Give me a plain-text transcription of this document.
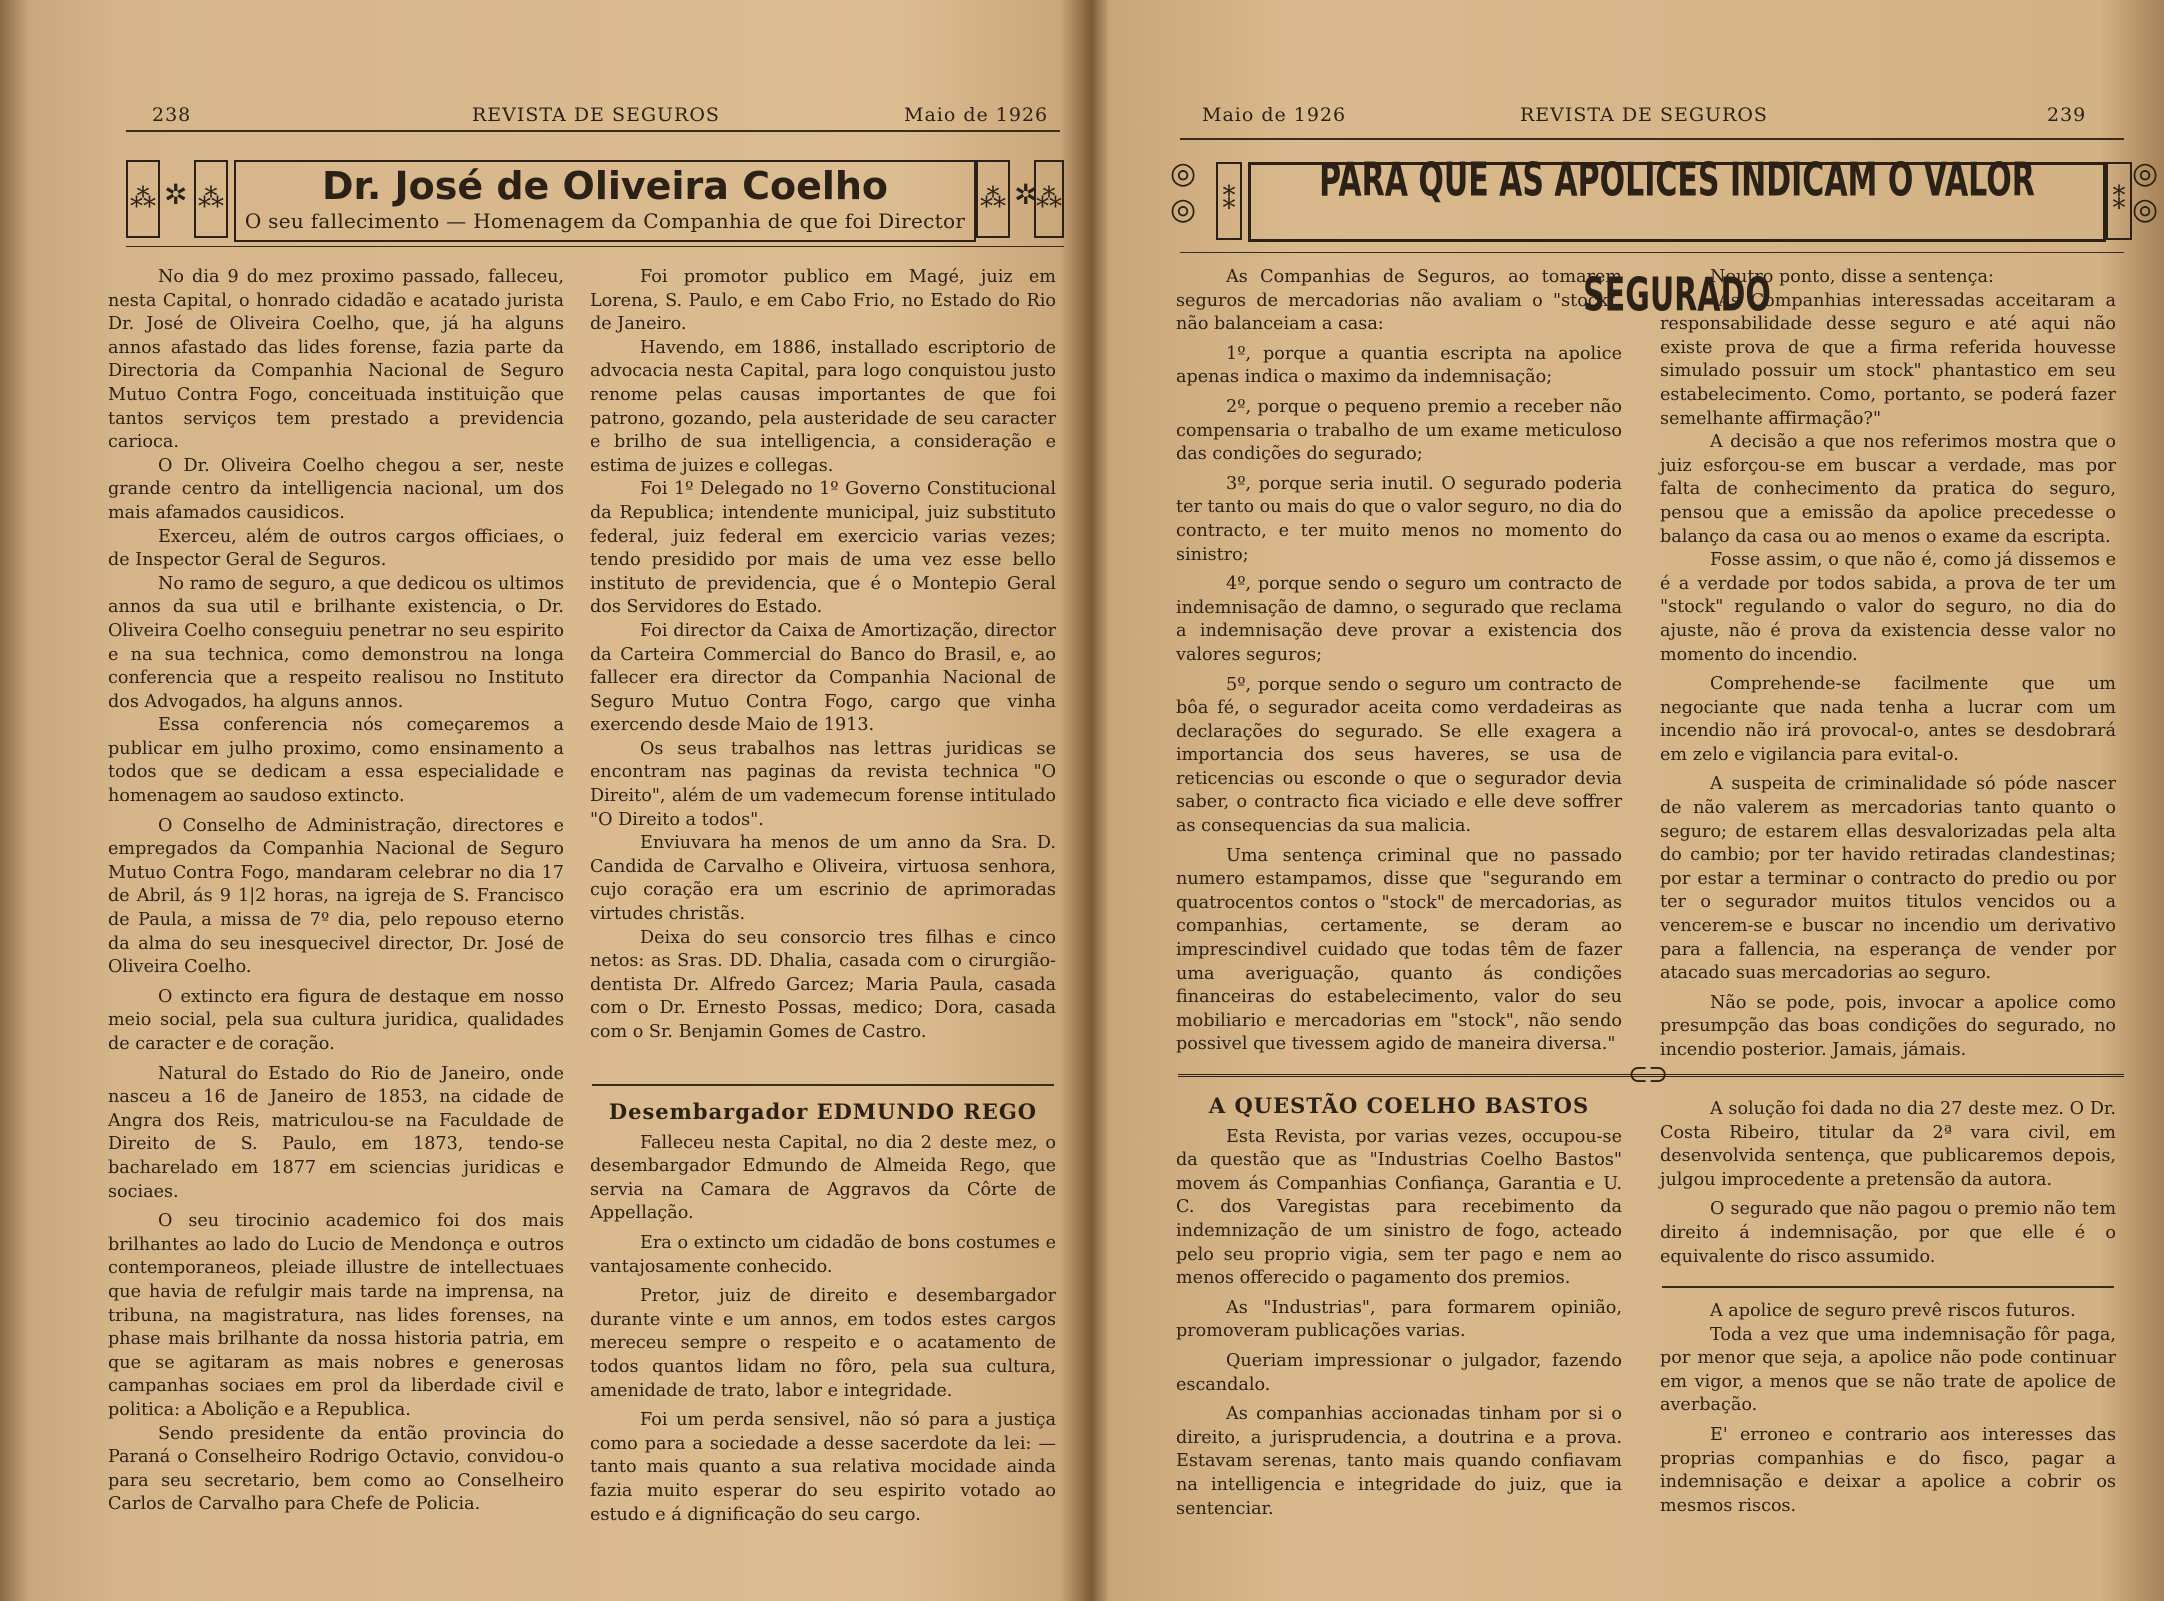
238	REVISTA DE SEGUROS	Maio de 1926
⁂ ✲ ⁂	Dr. José de Oliveira Coelho
O seu fallecimento — Homenagem da Companhia de que foi Director
⁂ ✲
⁂

No dia 9 do mez proximo passado, falleceu, nesta Capital, o honrado cidadão e acatado jurista Dr. José de Oliveira Coelho, que, já ha alguns annos afastado das lides forense, fazia parte da Directoria da Companhia Nacional de Seguro Mutuo Contra Fogo, conceituada instituição que tantos serviços tem prestado a previdencia carioca.

O Dr. Oliveira Coelho chegou a ser, neste grande centro da intelligencia nacional, um dos mais afamados causidicos.

Exerceu, além de outros cargos officiaes, o de Inspector Geral de Seguros.

No ramo de seguro, a que dedicou os ultimos annos da sua util e brilhante existencia, o Dr. Oliveira Coelho conseguiu penetrar no seu espirito e na sua technica, como demonstrou na longa conferencia que a respeito realisou no Instituto dos Advogados, ha alguns annos.

Essa conferencia nós começaremos a publicar em julho proximo, como ensinamento a todos que se dedicam a essa especialidade e homenagem ao saudoso extincto.

O Conselho de Administração, directores e empregados da Companhia Nacional de Seguro Mutuo Contra Fogo, mandaram celebrar no dia 17 de Abril, ás 9 1|2 horas, na igreja de S. Francisco de Paula, a missa de 7º dia, pelo repouso eterno da alma do seu inesquecivel director, Dr. José de Oliveira Coelho.

O extincto era figura de destaque em nosso meio social, pela sua cultura juridica, qualidades de caracter e de coração.

Natural do Estado do Rio de Janeiro, onde nasceu a 16 de Janeiro de 1853, na cidade de Angra dos Reis, matriculou-se na Faculdade de Direito de S. Paulo, em 1873, tendo-se bacharelado em 1877 em sciencias juridicas e sociaes.

O seu tirocinio academico foi dos mais brilhantes ao lado do Lucio de Mendonça e outros contemporaneos, pleiade illustre de intellectuaes que havia de refulgir mais tarde na imprensa, na tribuna, na magistratura, nas lides forenses, na phase mais brilhante da nossa historia patria, em que se agitaram as mais nobres e generosas campanhas sociaes em prol da liberdade civil e politica: a Abolição e a Republica.

Sendo presidente da então provincia do Paraná o Conselheiro Rodrigo Octavio, convidou-o para seu secretario, bem como ao Conselheiro Carlos de Carvalho para Chefe de Policia.

Foi promotor publico em Magé, juiz em Lorena, S. Paulo, e em Cabo Frio, no Estado do Rio de Janeiro.

Havendo, em 1886, installado escriptorio de advocacia nesta Capital, para logo conquistou justo renome pelas causas importantes de que foi patrono, gozando, pela austeridade de seu caracter e brilho de sua intelligencia, a consideração e estima de juizes e collegas.

Foi 1º Delegado no 1º Governo Constitucional da Republica; intendente municipal, juiz substituto federal, juiz federal em exercicio varias vezes; tendo presidido por mais de uma vez esse bello instituto de previdencia, que é o Montepio Geral dos Servidores do Estado.

Foi director da Caixa de Amortização, director da Carteira Commercial do Banco do Brasil, e, ao fallecer era director da Companhia Nacional de Seguro Mutuo Contra Fogo, cargo que vinha exercendo desde Maio de 1913.

Os seus trabalhos nas lettras juridicas se encontram nas paginas da revista technica "O Direito", além de um vademecum forense intitulado "O Direito a todos".

Enviuvara ha menos de um anno da Sra. D. Candida de Carvalho e Oliveira, virtuosa senhora, cujo coração era um escrinio de aprimoradas virtudes christãs.

Deixa do seu consorcio tres filhas e cinco netos: as Sras. DD. Dhalia, casada com o cirurgião-dentista Dr. Alfredo Garcez; Maria Paula, casada com o Dr. Ernesto Possas, medico; Dora, casada com o Sr. Benjamin Gomes de Castro.

Desembargador EDMUNDO REGO

Falleceu nesta Capital, no dia 2 deste mez, o desembargador Edmundo de Almeida Rego, que servia na Camara de Aggravos da Côrte de Appellação.

Era o extincto um cidadão de bons costumes e vantajosamente conhecido.

Pretor, juiz de direito e desembargador durante vinte e um annos, em todos estes cargos mereceu sempre o respeito e o acatamento de todos quantos lidam no fôro, pela sua cultura, amenidade de trato, labor e integridade.

Foi um perda sensivel, não só para a justiça como para a sociedade a desse sacerdote da lei: — tanto mais quanto a sua relativa mocidade ainda fazia muito esperar do seu espirito votado ao estudo e á dignificação do seu cargo.

Maio de 1926	REVISTA DE SEGUROS	239
◎
◎ ⁑	PARA QUE AS APOLICES INDICAM O VALOR SEGURADO
⁑
◎
◎

As Companhias de Seguros, ao tomarem seguros de mercadorias não avaliam o "stock", não balanceiam a casa:

1º, porque a quantia escripta na apolice apenas indica o maximo da indemnisação;

2º, porque o pequeno premio a receber não compensaria o trabalho de um exame meticuloso das condições do segurado;

3º, porque seria inutil. O segurado poderia ter tanto ou mais do que o valor seguro, no dia do contracto, e ter muito menos no momento do sinistro;

4º, porque sendo o seguro um contracto de indemnisação de damno, o segurado que reclama a indemnisação deve provar a existencia dos valores seguros;

5º, porque sendo o seguro um contracto de bôa fé, o segurador aceita como verdadeiras as declarações do segurado. Se elle exagera a importancia dos seus haveres, se usa de reticencias ou esconde o que o segurador devia saber, o contracto fica viciado e elle deve soffrer as consequencias da sua malicia.

Uma sentença criminal que no passado numero estampamos, disse que "segurando em quatrocentos contos o "stock" de mercadorias, as companhias, certamente, se deram ao imprescindivel cuidado que todas têm de fazer uma averiguação, quanto ás condições financeiras do estabelecimento, valor do seu mobiliario e mercadorias em "stock", não sendo possivel que tivessem agido de maneira diversa."

Noutro ponto, disse a sentença:

"As Companhias interessadas acceitaram a responsabilidade desse seguro e até aqui não existe prova de que a firma referida houvesse simulado possuir um stock" phantastico em seu estabelecimento. Como, portanto, se poderá fazer semelhante affirmação?"

A decisão a que nos referimos mostra que o juiz esforçou-se em buscar a verdade, mas por falta de conhecimento da pratica do seguro, pensou que a emissão da apolice precedesse o balanço da casa ou ao menos o exame da escripta.

Fosse assim, o que não é, como já dissemos e é a verdade por todos sabida, a prova de ter um "stock" regulando o valor do seguro, no dia do ajuste, não é prova da existencia desse valor no momento do incendio.

Comprehende-se facilmente que um negociante que nada tenha a lucrar com um incendio não irá provocal-o, antes se desdobrará em zelo e vigilancia para evital-o.

A suspeita de criminalidade só póde nascer de não valerem as mercadorias tanto quanto o seguro; de estarem ellas desvalorizadas pela alta do cambio; por ter havido retiradas clandestinas; por estar a terminar o contracto do predio ou por ter o segurador muitos titulos vencidos ou a vencerem-se e buscar no incendio um derivativo para a fallencia, na esperança de vender por atacado suas mercadorias ao seguro.

Não se pode, pois, invocar a apolice como presumpção das boas condições do segurado, no incendio posterior. Jamais, jámais.

⊂⊃
A QUESTÃO COELHO BASTOS

Esta Revista, por varias vezes, occupou-se da questão que as "Industrias Coelho Bastos" movem ás Companhias Confiança, Garantia e U. C. dos Varegistas para recebimento da indemnização de um sinistro de fogo, acteado pelo seu proprio vigia, sem ter pago e nem ao menos offerecido o pagamento dos premios.

As "Industrias", para formarem opinião, promoveram publicações varias.

Queriam impressionar o julgador, fazendo escandalo.

As companhias accionadas tinham por si o direito, a jurisprudencia, a doutrina e a prova. Estavam serenas, tanto mais quando confiavam na intelligencia e integridade do juiz, que ia sentenciar.

A solução foi dada no dia 27 deste mez. O Dr. Costa Ribeiro, titular da 2ª vara civil, em desenvolvida sentença, que publicaremos depois, julgou improcedente a pretensão da autora.

O segurado que não pagou o premio não tem direito á indemnisação, por que elle é o equivalente do risco assumido.

A apolice de seguro prevê riscos futuros.

Toda a vez que uma indemnisação fôr paga, por menor que seja, a apolice não pode continuar em vigor, a menos que se não trate de apolice de averbação.

E' erroneo e contrario aos interesses das proprias companhias e do fisco, pagar a indemnisação e deixar a apolice a cobrir os mesmos riscos.
